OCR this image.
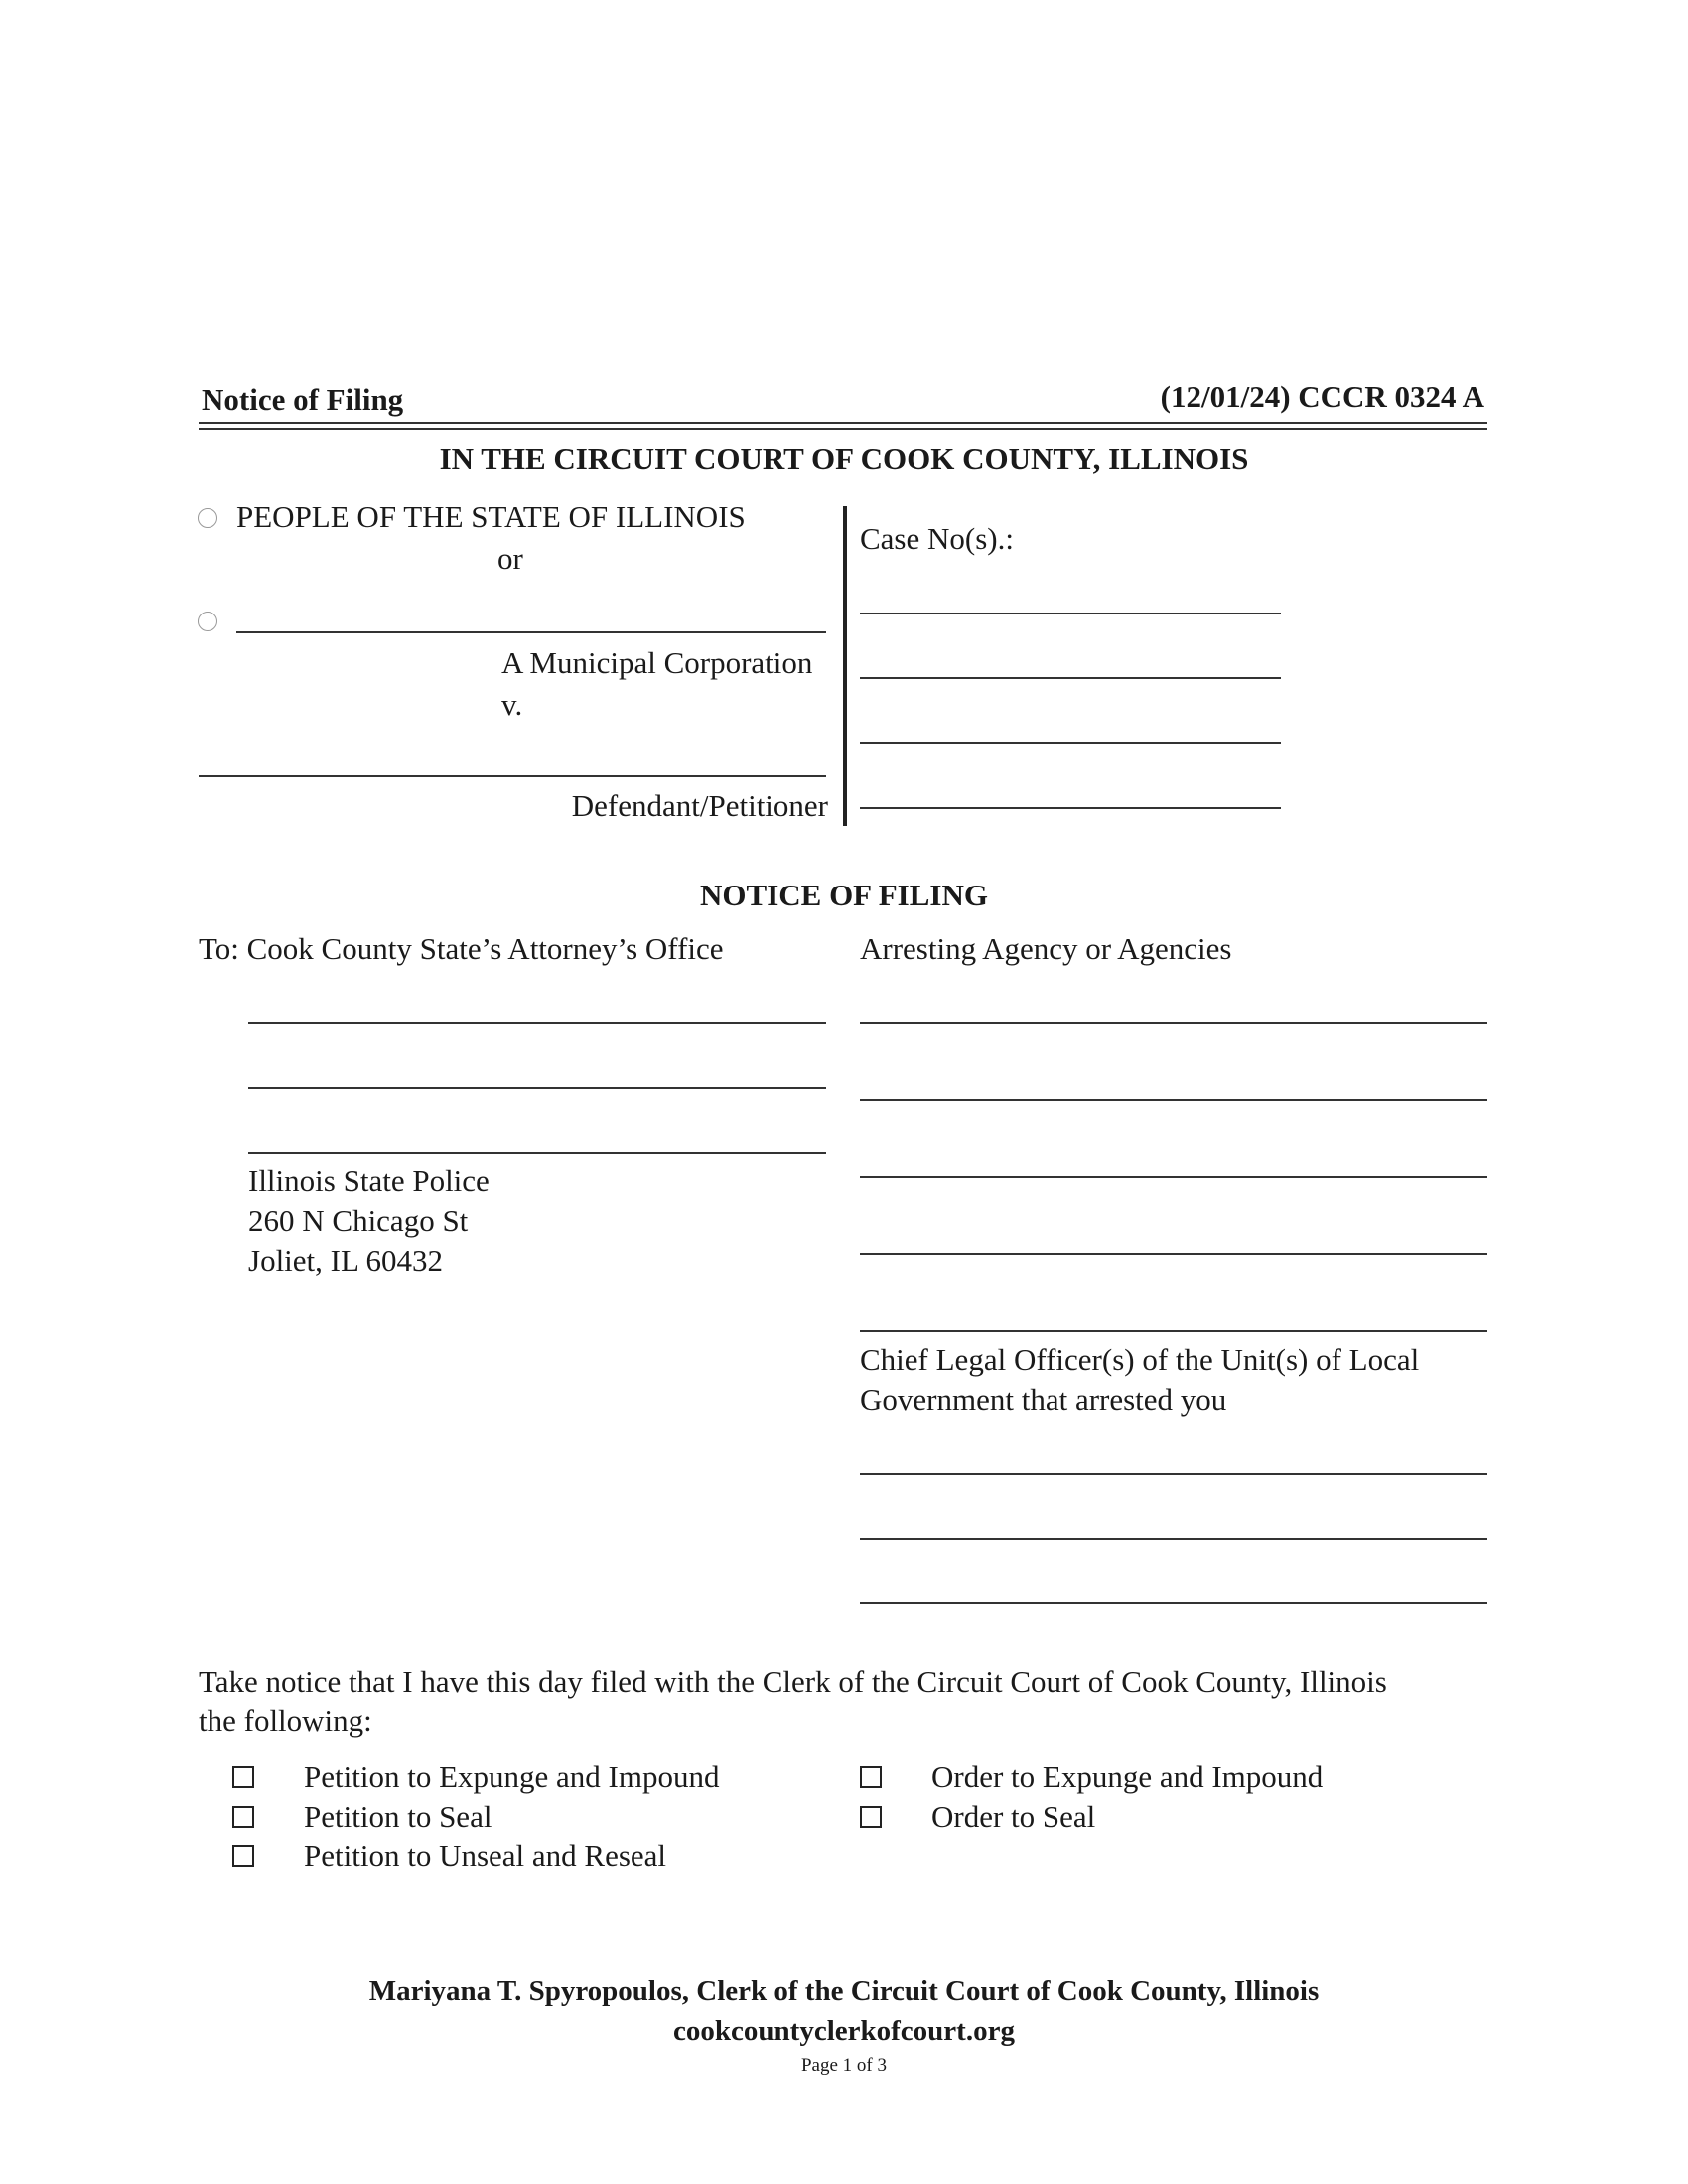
Notice of Filing	(12/01/24) CCCR 0324 A
IN THE CIRCUIT COURT OF COOK COUNTY, ILLINOIS
PEOPLE OF THE STATE OF ILLINOIS
or
A Municipal Corporation
v.
Defendant/Petitioner
Case No(s).:
NOTICE OF FILING
To: Cook County State’s Attorney’s Office
Illinois State Police
260 N Chicago St
Joliet, IL 60432
Arresting Agency or Agencies
Chief Legal Officer(s) of the Unit(s) of Local
Government that arrested you
Take notice that I have this day filed with the Clerk of the Circuit Court of Cook County, Illinois
the following:
Petition to Expunge and Impound
Petition to Seal
Petition to Unseal and Reseal
Order to Expunge and Impound
Order to Seal
Mariyana T. Spyropoulos, Clerk of the Circuit Court of Cook County, Illinois
cookcountyclerkofcourt.org
Page 1 of 3
